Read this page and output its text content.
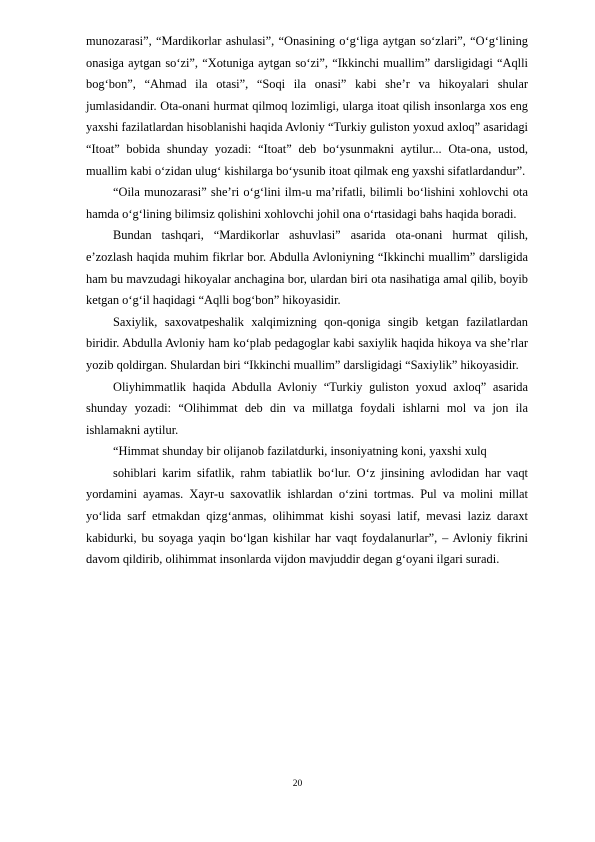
munozarasi”, “Mardikorlar ashulasi”, “Onasining o‘g‘liga aytgan so‘zlari”, “O‘g‘lining onasiga aytgan so‘zi”, “Xotuniga aytgan so‘zi”, “Ikkinchi muallim” darsligidagi “Aqlli bog‘bon”, “Ahmad ila otasi”, “Soqi ila onasi” kabi she’r va hikoyalari shular jumlasidandir. Ota-onani hurmat qilmoq lozimligi, ularga itoat qilish insonlarga xos eng yaxshi fazilatlardan hisoblanishi haqida Avloniy “Turkiy guliston yoxud axloq” asaridagi “Itoat” bobida shunday yozadi: “Itoat” deb bo‘ysunmakni aytilur... Ota-ona, ustod, muallim kabi o‘zidan ulug‘ kishilarga bo‘ysunib itoat qilmak eng yaxshi sifatlardandur”.

“Oila munozarasi” she’ri o‘g‘lini ilm-u ma’rifatli, bilimli bo‘lishini xohlovchi ota hamda o‘g‘lining bilimsiz qolishini xohlovchi johil ona o‘rtasidagi bahs haqida boradi.

Bundan tashqari, “Mardikorlar ashuvlasi” asarida ota-onani hurmat qilish, e’zozlash haqida muhim fikrlar bor. Abdulla Avloniyning “Ikkinchi muallim” darsligida ham bu mavzudagi hikoyalar anchagina bor, ulardan biri ota nasihatiga amal qilib, boyib ketgan o‘g‘il haqidagi “Aqlli bog‘bon” hikoyasidir.

Saxiylik, saxovatpeshalik xalqimizning qon-qoniga singib ketgan fazilatlardan biridir. Abdulla Avloniy ham ko‘plab pedagoglar kabi saxiylik haqida hikoya va she’rlar yozib qoldirgan. Shulardan biri “Ikkinchi muallim” darsligidagi “Saxiylik” hikoyasidir.

Oliyhimmatlik haqida Abdulla Avloniy “Turkiy guliston yoxud axloq” asarida shunday yozadi: “Olihimmat deb din va millatga foydali ishlarni mol va jon ila ishlamakni aytilur.

“Himmat shunday bir olijanob fazilatdurki, insoniyatning koni, yaxshi xulq

sohiblari karim sifatlik, rahm tabiatlik bo‘lur. O‘z jinsining avlodidan har vaqt yordamini ayamas. Xayr-u saxovatlik ishlardan o‘zini tortmas. Pul va molini millat yo‘lida sarf etmakdan qizg‘anmas, olihimmat kishi soyasi latif, mevasi laziz daraxt kabidurki, bu soyaga yaqin bo‘lgan kishilar har vaqt foydalanurlar”, – Avloniy fikrini davom qildirib, olihimmat insonlarda vijdon mavjuddir degan g‘oyani ilgari suradi.

20
